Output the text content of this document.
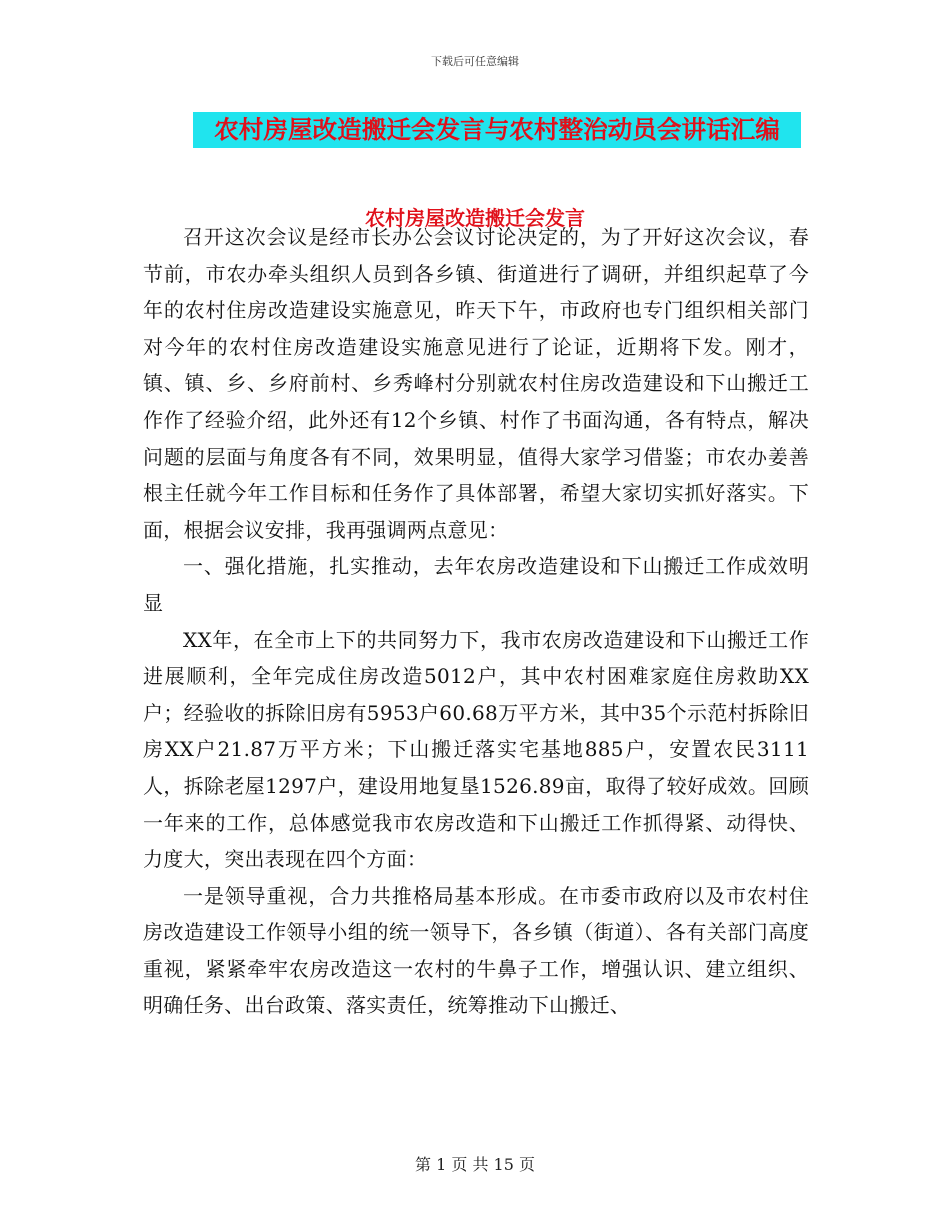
下载后可任意编辑
农村房屋改造搬迁会发言与农村整治动员会讲话汇编
农村房屋改造搬迁会发言

召开这次会议是经市长办公会议讨论决定的，为了开好这次会议，春节前，市农办牵头组织人员到各乡镇、街道进行了调研，并组织起草了今年的农村住房改造建设实施意见，昨天下午，市政府也专门组织相关部门对今年的农村住房改造建设实施意见进行了论证，近期将下发。刚才，镇、镇、乡、乡府前村、乡秀峰村分别就农村住房改造建设和下山搬迁工作作了经验介绍，此外还有12个乡镇、村作了书面沟通，各有特点，解决问题的层面与角度各有不同，效果明显，值得大家学习借鉴；市农办姜善根主任就今年工作目标和任务作了具体部署，希望大家切实抓好落实。下面，根据会议安排，我再强调两点意见：

一、强化措施，扎实推动，去年农房改造建设和下山搬迁工作成效明显

XX年，在全市上下的共同努力下，我市农房改造建设和下山搬迁工作进展顺利，全年完成住房改造5012户，其中农村困难家庭住房救助XX户；经验收的拆除旧房有5953户60.68万平方米，其中35个示范村拆除旧房XX户21.87万平方米；下山搬迁落实宅基地885户，安置农民3111人，拆除老屋1297户，建设用地复垦1526.89亩，取得了较好成效。回顾一年来的工作，总体感觉我市农房改造和下山搬迁工作抓得紧、动得快、力度大，突出表现在四个方面：

一是领导重视，合力共推格局基本形成。在市委市政府以及市农村住房改造建设工作领导小组的统一领导下，各乡镇（街道）、各有关部门高度重视，紧紧牵牢农房改造这一农村的牛鼻子工作，增强认识、建立组织、明确任务、出台政策、落实责任，统筹推动下山搬迁、

第 1 页 共 15 页
